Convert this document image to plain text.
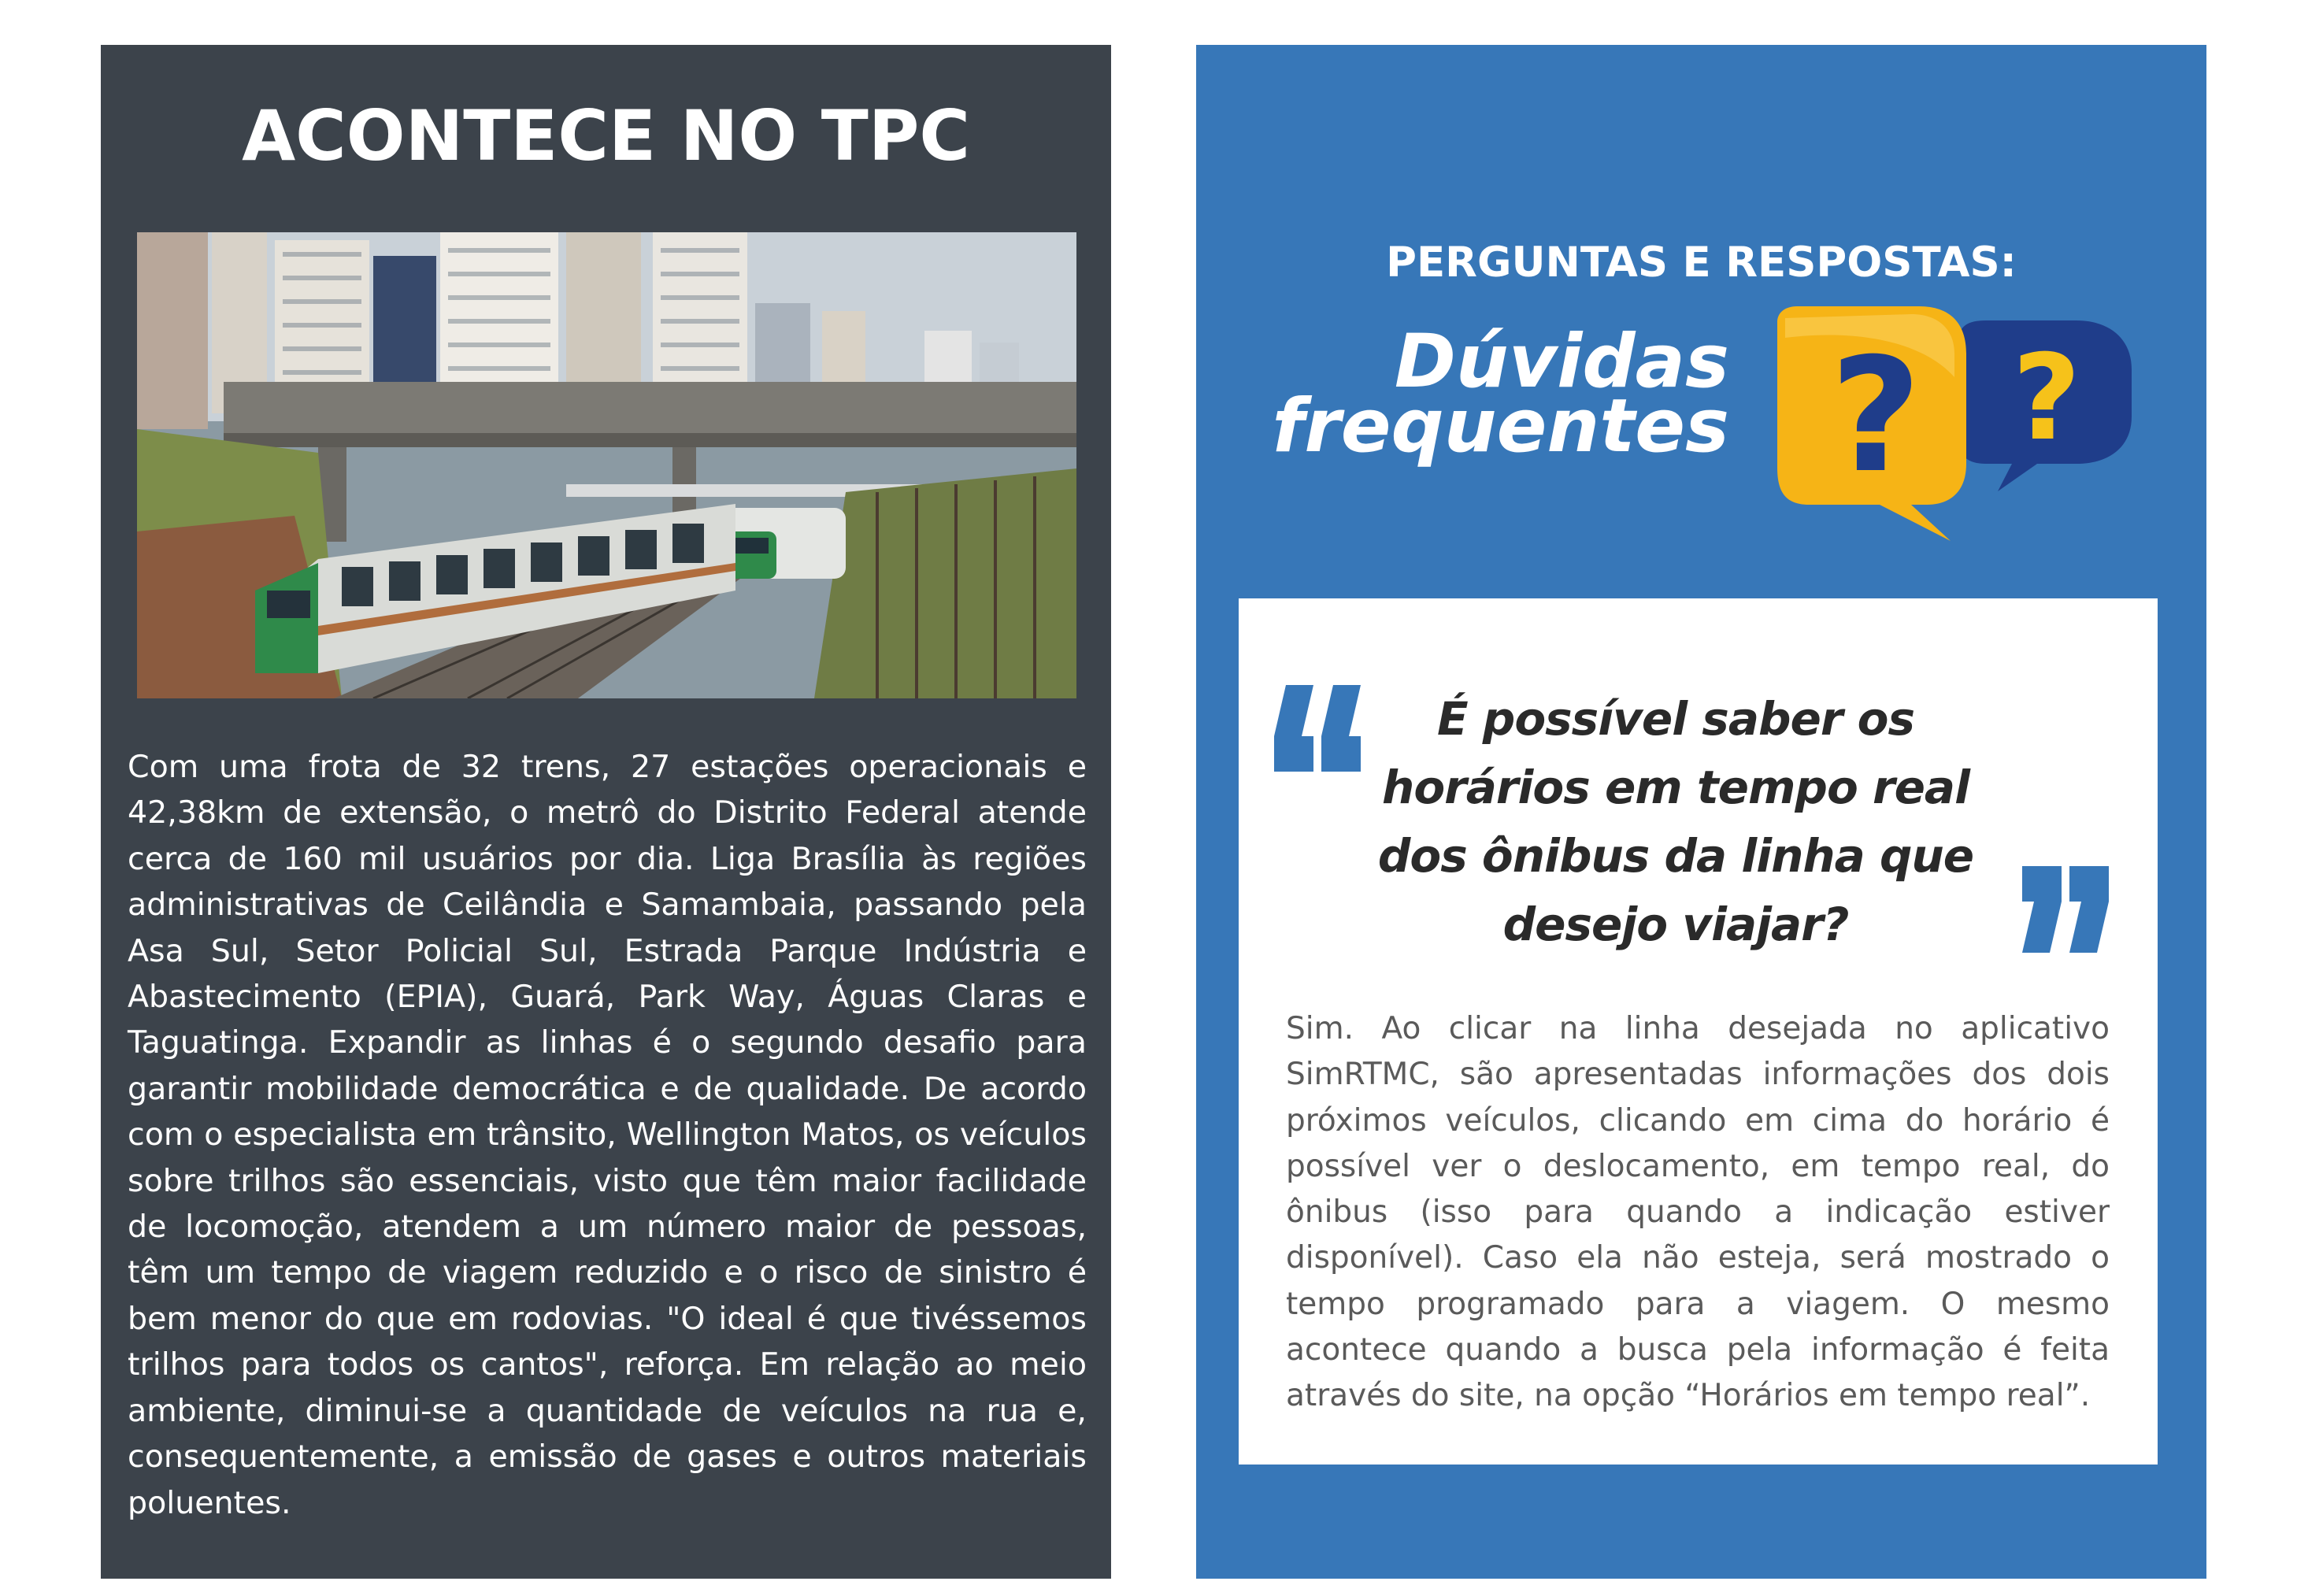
ACONTECE NO TPC
Com uma frota de 32 trens, 27 estações operacionais e 42,38km de extensão, o metrô do Distrito Federal atende cerca de 160 mil usuários por dia. Liga Brasília às regiões administrativas de Ceilândia e Samambaia, passando pela Asa Sul, Setor Policial Sul, Estrada Parque Indústria e Abastecimento (EPIA), Guará, Park Way, Águas Claras e Taguatinga. Expandir as linhas é o segundo desafio para garantir mobilidade democrática e de qualidade. De acordo com o especialista em trânsito, Wellington Matos, os veículos sobre trilhos são essenciais, visto que têm maior facilidade de locomoção, atendem a um número maior de pessoas, têm um tempo de viagem reduzido e o risco de sinistro é bem menor do que em rodovias. "O ideal é que tivéssemos trilhos para todos os cantos", reforça. Em relação ao meio ambiente, diminui-se a quantidade de veículos na rua e, consequentemente, a emissão de gases e outros materiais poluentes.
PERGUNTAS E RESPOSTAS:
Dúvidas
frequentes ?
?
É possível saber os horários em tempo real dos ônibus da linha que desejo viajar?
Sim. Ao clicar na linha desejada no aplicativo SimRTMC, são apresentadas informações dos dois próximos veículos, clicando em cima do horário é possível ver o deslocamento, em tempo real, do ônibus (isso para quando a indicação estiver disponível). Caso ela não esteja, será mostrado o tempo programado para a viagem. O mesmo acontece quando a busca pela informação é feita através do site, na opção “Horários em tempo real”.
